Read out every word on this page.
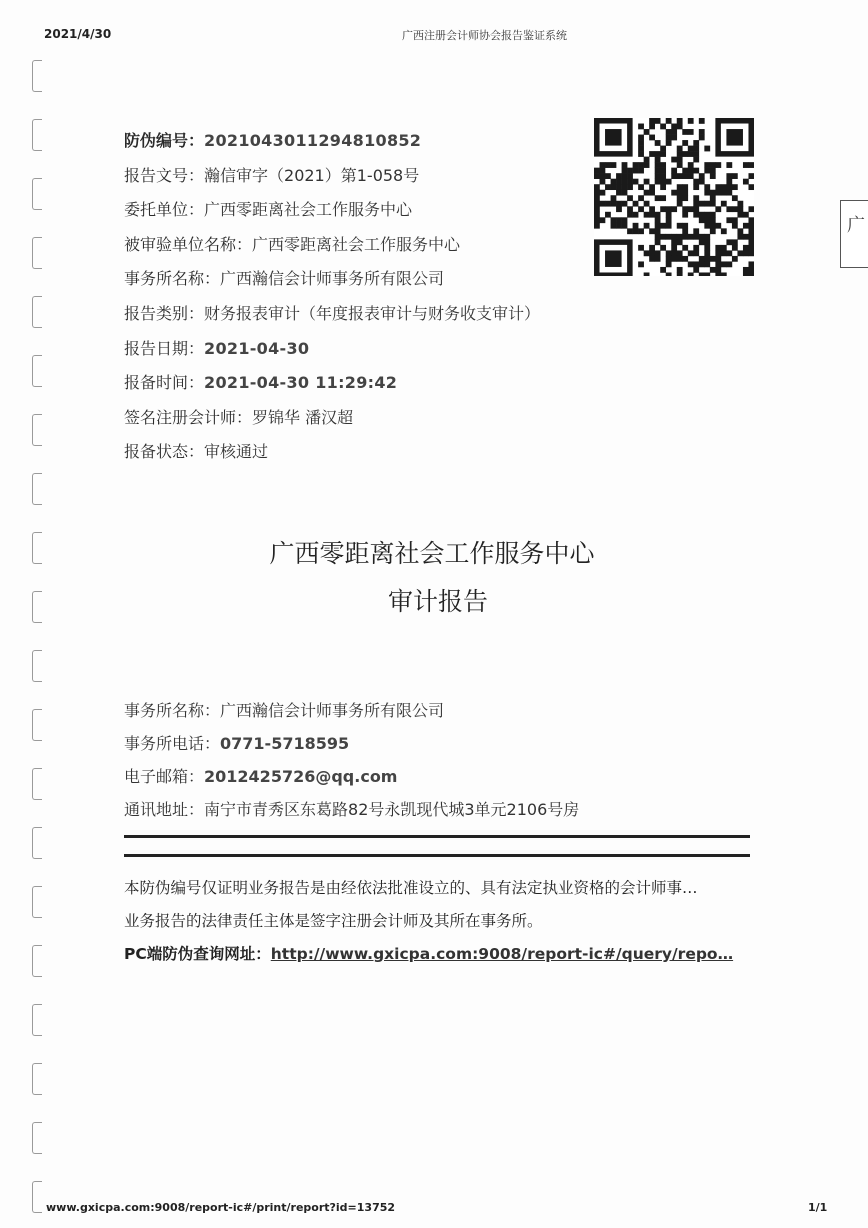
2021/4/30	广西注册会计师协会报告鉴证系统
防伪编号：2021043011294810852
报告文号：瀚信审字（2021）第1-058号
委托单位：广西零距离社会工作服务中心
被审验单位名称：广西零距离社会工作服务中心
事务所名称：广西瀚信会计师事务所有限公司
报告类别：财务报表审计（年度报表审计与财务收支审计）
报告日期：2021-04-30
报备时间：2021-04-30 11:29:42
签名注册会计师：罗锦华 潘汉超
报备状态：审核通过
广
广西零距离社会工作服务中心
审计报告
事务所名称：广西瀚信会计师事务所有限公司
事务所电话：0771-5718595
电子邮箱：2012425726@qq.com
通讯地址：南宁市青秀区东葛路82号永凯现代城3单元2106号房
本防伪编号仅证明业务报告是由经依法批准设立的、具有法定执业资格的会计师事…
业务报告的法律责任主体是签字注册会计师及其所在事务所。
PC端防伪查询网址：http://www.gxicpa.com:9008/report-ic#/query/repo…
www.gxicpa.com:9008/report-ic#/print/report?id=13752	1/1
